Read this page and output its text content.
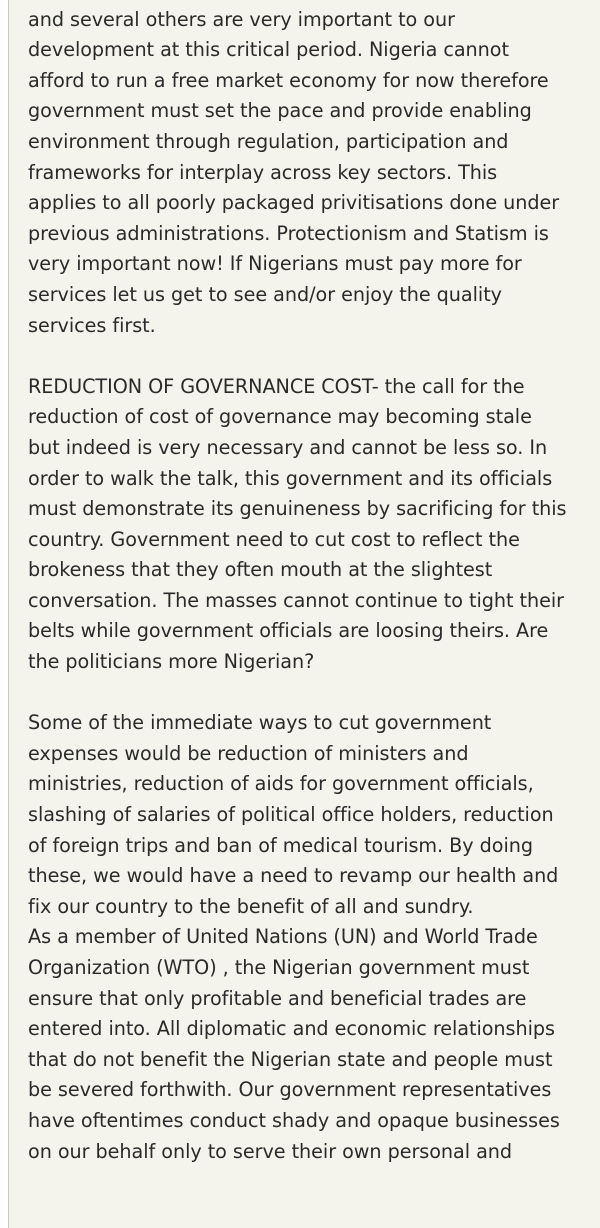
and several others are very important to our
development at this critical period. Nigeria cannot
afford to run a free market economy for now therefore
government must set the pace and provide enabling
environment through regulation, participation and
frameworks for interplay across key sectors. This
applies to all poorly packaged privitisations done under
previous administrations. Protectionism and Statism is
very important now! If Nigerians must pay more for
services let us get to see and/or enjoy the quality
services first.
REDUCTION OF GOVERNANCE COST- the call for the
reduction of cost of governance may becoming stale
but indeed is very necessary and cannot be less so. In
order to walk the talk, this government and its officials
must demonstrate its genuineness by sacrificing for this
country. Government need to cut cost to reflect the
brokeness that they often mouth at the slightest
conversation. The masses cannot continue to tight their
belts while government officials are loosing theirs. Are
the politicians more Nigerian?
Some of the immediate ways to cut government
expenses would be reduction of ministers and
ministries, reduction of aids for government officials,
slashing of salaries of political office holders, reduction
of foreign trips and ban of medical tourism. By doing
these, we would have a need to revamp our health and
fix our country to the benefit of all and sundry.
As a member of United Nations (UN) and World Trade
Organization (WTO) , the Nigerian government must
ensure that only profitable and beneficial trades are
entered into. All diplomatic and economic relationships
that do not benefit the Nigerian state and people must
be severed forthwith. Our government representatives
have oftentimes conduct shady and opaque businesses
on our behalf only to serve their own personal and
